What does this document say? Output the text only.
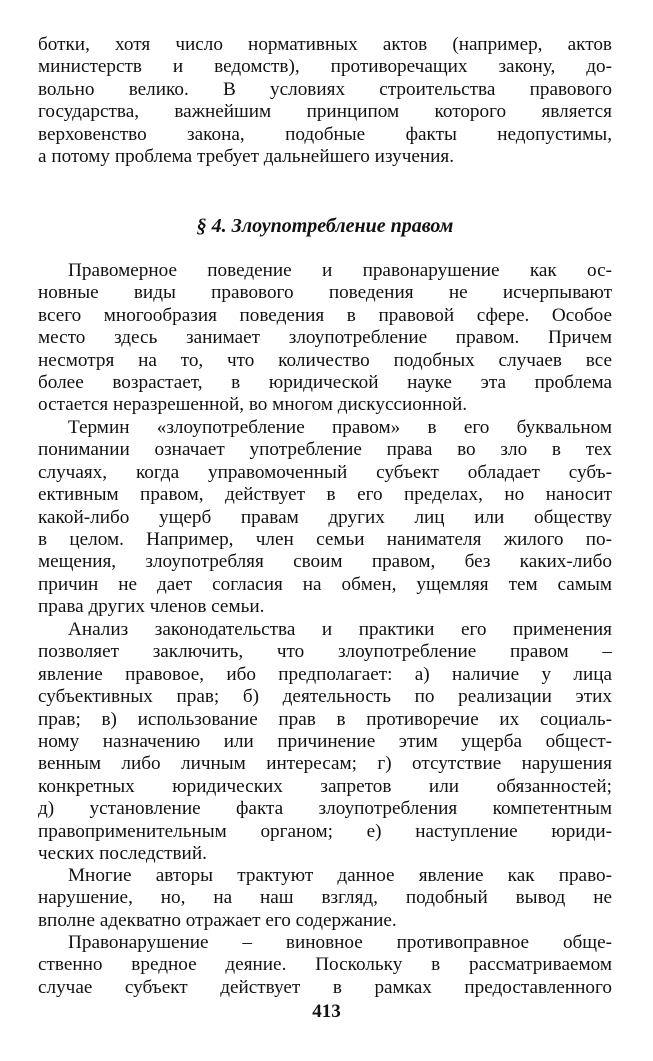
ботки, хотя число нормативных актов (например, актов
министерств и ведомств), противоречащих закону, до-
вольно велико. В условиях строительства правового
государства, важнейшим принципом которого является
верховенство закона, подобные факты недопустимы,
а потому проблема требует дальнейшего изучения.

§ 4. Злоупотребление правом

Правомерное поведение и правонарушение как ос-
новные виды правового поведения не исчерпывают
всего многообразия поведения в правовой сфере. Особое
место здесь занимает злоупотребление правом. Причем
несмотря на то, что количество подобных случаев все
более возрастает, в юридической науке эта проблема
остается неразрешенной, во многом дискуссионной.

Термин «злоупотребление правом» в его буквальном
понимании означает употребление права во зло в тех
случаях, когда управомоченный субъект обладает субъ-
ективным правом, действует в его пределах, но наносит
какой-либо ущерб правам других лиц или обществу
в целом. Например, член семьи нанимателя жилого по-
мещения, злоупотребляя своим правом, без каких-либо
причин не дает согласия на обмен, ущемляя тем самым
права других членов семьи.

Анализ законодательства и практики его применения
позволяет заключить, что злоупотребление правом –
явление правовое, ибо предполагает: а) наличие у лица
субъективных прав; б) деятельность по реализации этих
прав; в) использование прав в противоречие их социаль-
ному назначению или причинение этим ущерба общест-
венным либо личным интересам; г) отсутствие нарушения
конкретных юридических запретов или обязанностей;
д) установление факта злоупотребления компетентным
правоприменительным органом; е) наступление юриди-
ческих последствий.

Многие авторы трактуют данное явление как право-
нарушение, но, на наш взгляд, подобный вывод не
вполне адекватно отражает его содержание.

Правонарушение – виновное противоправное обще-
ственно вредное деяние. Поскольку в рассматриваемом
случае субъект действует в рамках предоставленного

413
